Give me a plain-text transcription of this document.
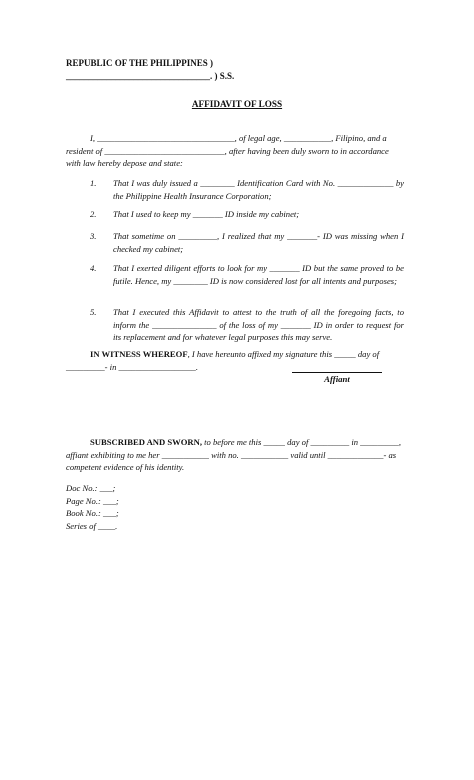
REPUBLIC OF THE PHILIPPINES )
________________________________. ) S.S.
AFFIDAVIT OF LOSS
I, ________________________________, of legal age, ___________, Filipino, and a
resident of ____________________________, after having been duly sworn to in accordance
with law hereby depose and state:
1.	That I was duly issued a ________ Identification Card with No. _____________ by the Philippine Health Insurance Corporation;
2.	That I used to keep my _______ ID inside my cabinet;
3.	That sometime on _________, I realized that my _______- ID was missing when I checked my cabinet;
4.	That I exerted diligent efforts to look for my _______ ID but the same proved to be futile. Hence, my ________ ID is now considered lost for all intents and purposes;
5.	That I executed this Affidavit to attest to the truth of all the foregoing facts, to inform the _______________ of the loss of my _______ ID in order to request for its replacement and for whatever legal purposes this may serve.
IN WITNESS WHEREOF, I have hereunto affixed my signature this _____ day of
_________- in __________________.
Affiant
SUBSCRIBED AND SWORN, to before me this _____ day of _________ in _________,
affiant exhibiting to me her ___________ with no. ___________ valid until _____________- as
competent evidence of his identity.
Doc No.: ___;
Page No.: ___;
Book No.: ___;
Series of ____.
